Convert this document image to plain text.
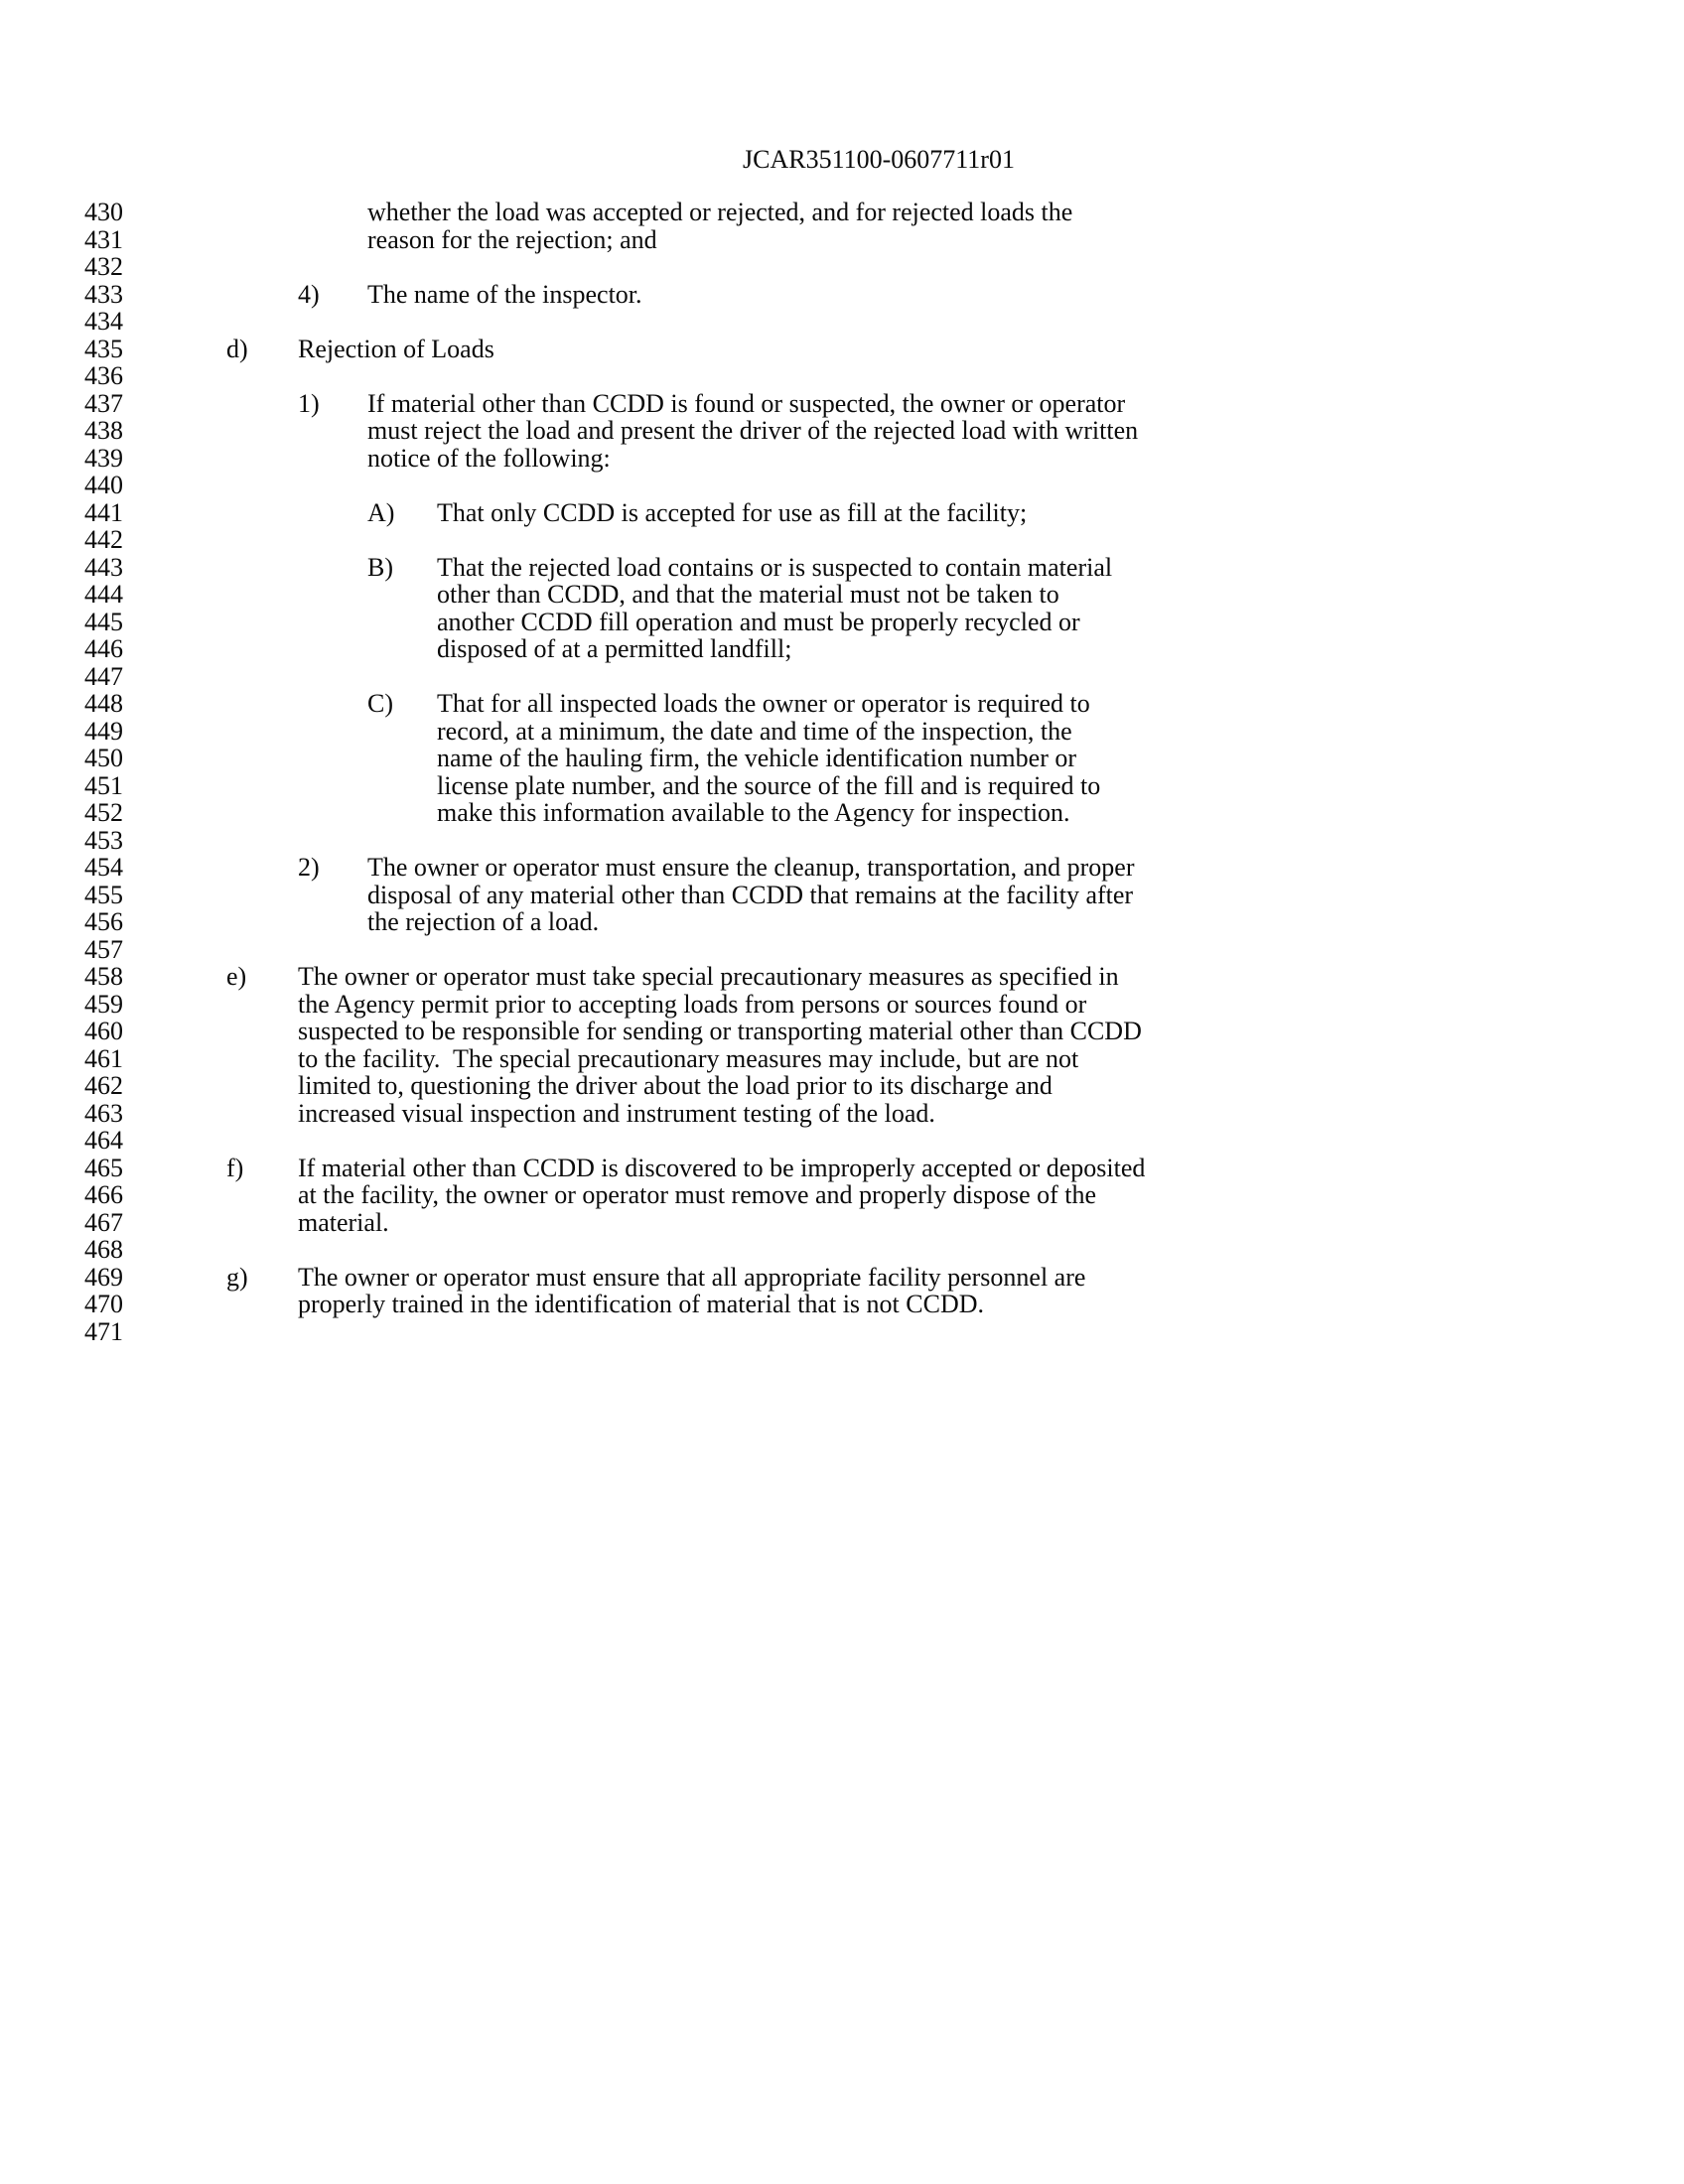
JCAR351100-0607711r01
430	whether the load was accepted or rejected, and for rejected loads the
431	reason for the rejection; and
432
433	4) The name of the inspector.
434
435	d) Rejection of Loads
436
437	1) If material other than CCDD is found or suspected, the owner or operator
438	must reject the load and present the driver of the rejected load with written
439	notice of the following:
440
441	A) That only CCDD is accepted for use as fill at the facility;
442
443	B) That the rejected load contains or is suspected to contain material
444	other than CCDD, and that the material must not be taken to
445	another CCDD fill operation and must be properly recycled or
446	disposed of at a permitted landfill;
447
448	C) That for all inspected loads the owner or operator is required to
449	record, at a minimum, the date and time of the inspection, the
450	name of the hauling firm, the vehicle identification number or
451	license plate number, and the source of the fill and is required to
452	make this information available to the Agency for inspection.
453
454	2) The owner or operator must ensure the cleanup, transportation, and proper
455	disposal of any material other than CCDD that remains at the facility after
456	the rejection of a load.
457
458	e) The owner or operator must take special precautionary measures as specified in
459	the Agency permit prior to accepting loads from persons or sources found or
460	suspected to be responsible for sending or transporting material other than CCDD
461	to the facility.  The special precautionary measures may include, but are not
462	limited to, questioning the driver about the load prior to its discharge and
463	increased visual inspection and instrument testing of the load.
464
465	f) If material other than CCDD is discovered to be improperly accepted or deposited
466	at the facility, the owner or operator must remove and properly dispose of the
467	material.
468
469	g) The owner or operator must ensure that all appropriate facility personnel are
470	properly trained in the identification of material that is not CCDD.
471
